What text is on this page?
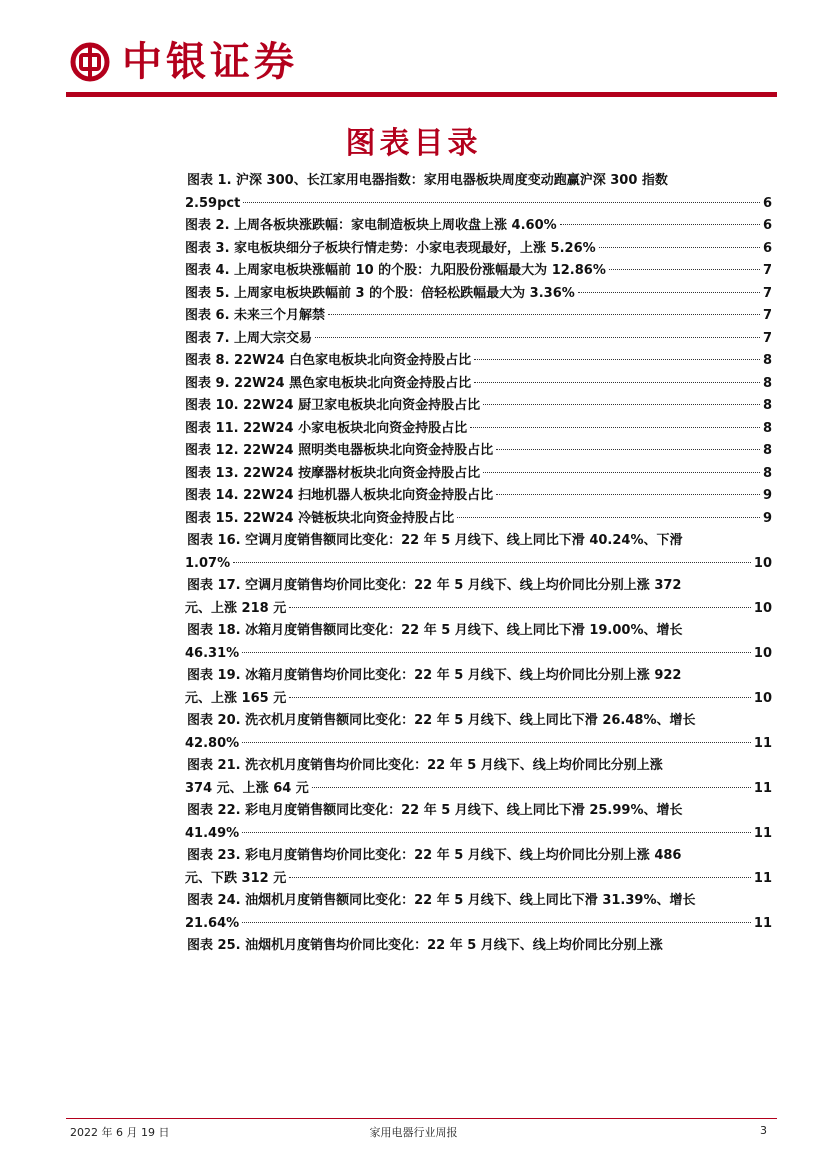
中银证券
图表目录
图表 1. 沪深 300、长江家用电器指数：家用电器板块周度变动跑赢沪深 300 指数
2.59pct	6
图表 2. 上周各板块涨跌幅：家电制造板块上周收盘上涨 4.60%	6
图表 3. 家电板块细分子板块行情走势：小家电表现最好，上涨 5.26%	6
图表 4. 上周家电板块涨幅前 10 的个股：九阳股份涨幅最大为 12.86%	7
图表 5. 上周家电板块跌幅前 3 的个股：倍轻松跌幅最大为 3.36%	7
图表 6. 未来三个月解禁	7
图表 7. 上周大宗交易	7
图表 8. 22W24 白色家电板块北向资金持股占比	8
图表 9. 22W24 黑色家电板块北向资金持股占比	8
图表 10. 22W24 厨卫家电板块北向资金持股占比	8
图表 11. 22W24 小家电板块北向资金持股占比	8
图表 12. 22W24 照明类电器板块北向资金持股占比	8
图表 13. 22W24 按摩器材板块北向资金持股占比	8
图表 14. 22W24 扫地机器人板块北向资金持股占比	9
图表 15. 22W24 冷链板块北向资金持股占比	9
图表 16. 空调月度销售额同比变化：22 年 5 月线下、线上同比下滑 40.24%、下滑
1.07%	10
图表 17. 空调月度销售均价同比变化：22 年 5 月线下、线上均价同比分别上涨 372
元、上涨 218 元	10
图表 18. 冰箱月度销售额同比变化：22 年 5 月线下、线上同比下滑 19.00%、增长
46.31%	10
图表 19. 冰箱月度销售均价同比变化：22 年 5 月线下、线上均价同比分别上涨 922
元、上涨 165 元	10
图表 20. 洗衣机月度销售额同比变化：22 年 5 月线下、线上同比下滑 26.48%、增长
42.80%	11
图表 21. 洗衣机月度销售均价同比变化：22 年 5 月线下、线上均价同比分别上涨
374 元、上涨 64 元	11
图表 22. 彩电月度销售额同比变化：22 年 5 月线下、线上同比下滑 25.99%、增长
41.49%	11
图表 23. 彩电月度销售均价同比变化：22 年 5 月线下、线上均价同比分别上涨 486
元、下跌 312 元	11
图表 24. 油烟机月度销售额同比变化：22 年 5 月线下、线上同比下滑 31.39%、增长
21.64%	11
图表 25. 油烟机月度销售均价同比变化：22 年 5 月线下、线上均价同比分别上涨
2022 年 6 月 19 日	家用电器行业周报	3
